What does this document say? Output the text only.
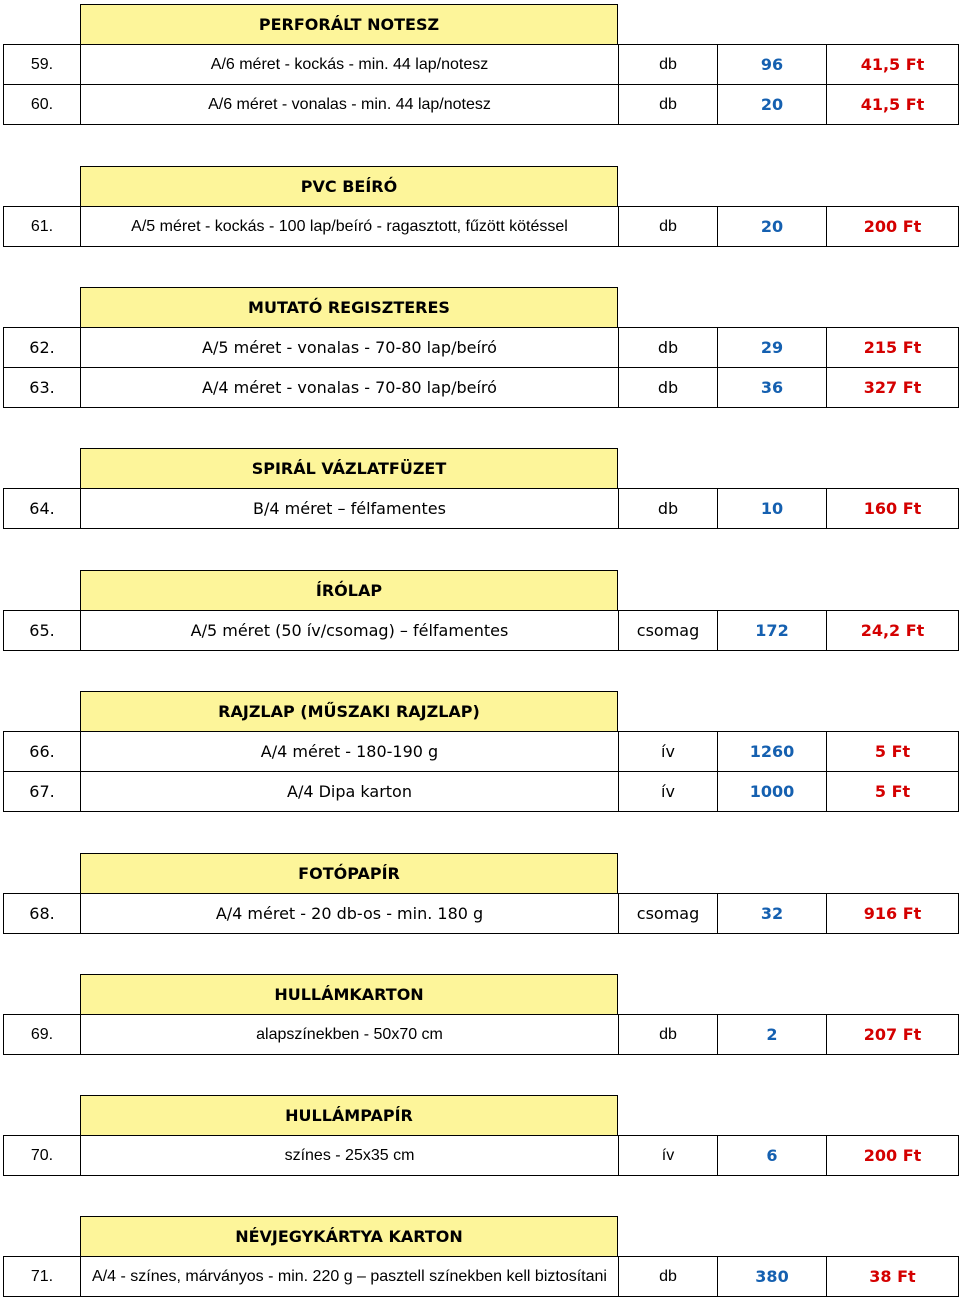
PERFORÁLT NOTESZ
59.	A/6 méret - kockás - min. 44 lap/notesz	db	96	41,5 Ft
60.	A/6 méret - vonalas - min. 44 lap/notesz	db	20	41,5 Ft
PVC BEÍRÓ
61.	A/5 méret - kockás - 100 lap/beíró - ragasztott, fűzött kötéssel	db	20	200 Ft
MUTATÓ REGISZTERES
62.	A/5 méret - vonalas - 70-80 lap/beíró	db	29	215 Ft
63.	A/4 méret - vonalas - 70-80 lap/beíró	db	36	327 Ft
SPIRÁL VÁZLATFÜZET
64.	B/4 méret – félfamentes	db	10	160 Ft
ÍRÓLAP
65.	A/5 méret (50 ív/csomag) – félfamentes	csomag	172	24,2 Ft
RAJZLAP (MŰSZAKI RAJZLAP)
66.	A/4 méret - 180-190 g	ív	1260	5 Ft
67.	A/4 Dipa karton	ív	1000	5 Ft
FOTÓPAPÍR
68.	A/4 méret - 20 db-os - min. 180 g	csomag	32	916 Ft
HULLÁMKARTON
69.	alapszínekben - 50x70 cm	db	2	207 Ft
HULLÁMPAPÍR
70.	színes - 25x35 cm	ív	6	200 Ft
NÉVJEGYKÁRTYA KARTON
71.	A/4 - színes, márványos - min. 220 g – pasztell színekben kell biztosítani	db	380	38 Ft
